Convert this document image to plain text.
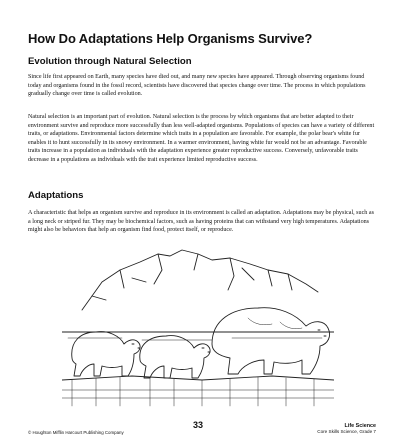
How Do Adaptations Help Organisms Survive?
Evolution through Natural Selection

Since life first appeared on Earth, many species have died out, and many new species have appeared. Through observing organisms found today and organisms found in the fossil record, scientists have discovered that species change over time. The process in which populations gradually change over time is called evolution.

Natural selection is an important part of evolution. Natural selection is the process by which organisms that are better adapted to their environment survive and reproduce more successfully than less well-adapted organisms. Populations of species can have a variety of different traits, or adaptations. Environmental factors determine which traits in a population are favorable. For example, the polar bear's white fur enables it to hunt successfully in its snowy environment. In a warmer environment, having white fur would not be an advantage. Favorable traits increase in a population as individuals with the adaptation experience greater reproductive success. Conversely, unfavorable traits decrease in a populations as individuals with the trait experience limited reproductive success.

Adaptations

A characteristic that helps an organism survive and reproduce in its environment is called an adaptation. Adaptations may be physical, such as a long neck or striped fur. They may be biochemical factors, such as having proteins that can withstand very high temperatures. Adaptations might also be behaviors that help an organism find food, protect itself, or reproduce.

33
© Houghton Mifflin Harcourt Publishing Company
Life Science
Core Skills Science, Grade 7
